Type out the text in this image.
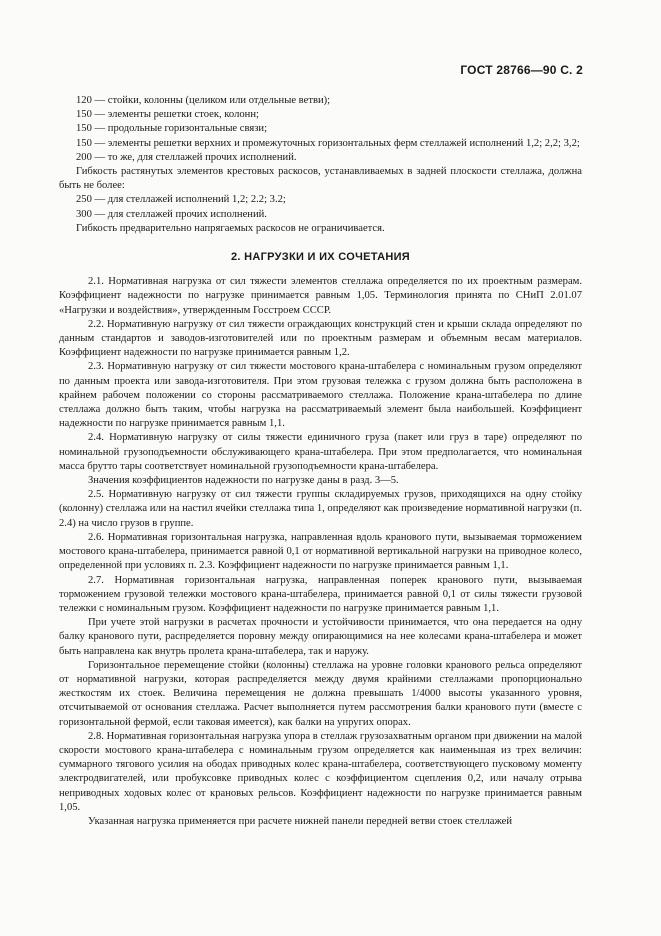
ГОСТ 28766—90 С. 2

120 — стойки, колонны (целиком или отдельные ветви);

150 — элементы решетки стоек, колонн;

150 — продольные горизонтальные связи;

150 — элементы решетки верхних и промежуточных горизонтальных ферм стеллажей исполнений 1,2; 2,2; 3,2;

200 — то же, для стеллажей прочих исполнений.

Гибкость растянутых элементов крестовых раскосов, устанавливаемых в задней плоскости стеллажа, должна быть не более:

250 — для стеллажей исполнений 1,2; 2.2; 3.2;

300 — для стеллажей прочих исполнений.

Гибкость предварительно напрягаемых раскосов не ограничивается.

2. НАГРУЗКИ И ИХ СОЧЕТАНИЯ

2.1. Нормативная нагрузка от сил тяжести элементов стеллажа определяется по их проектным размерам. Коэффициент надежности по нагрузке принимается равным 1,05. Терминология принята по СНиП 2.01.07 «Нагрузки и воздействия», утвержденным Госстроем СССР.

2.2. Нормативную нагрузку от сил тяжести ограждающих конструкций стен и крыши склада определяют по данным стандартов и заводов-изготовителей или по проектным размерам и объемным весам материалов. Коэффициент надежности по нагрузке принимается равным 1,2.

2.3. Нормативную нагрузку от сил тяжести мостового крана-штабелера с номинальным грузом определяют по данным проекта или завода-изготовителя. При этом грузовая тележка с грузом должна быть расположена в крайнем рабочем положении со стороны рассматриваемого стеллажа. Положение крана-штабелера по длине стеллажа должно быть таким, чтобы нагрузка на рассматриваемый элемент была наибольшей. Коэффициент надежности по нагрузке принимается равным 1,1.

2.4. Нормативную нагрузку от силы тяжести единичного груза (пакет или груз в таре) определяют по номинальной грузоподъемности обслуживающего крана-штабелера. При этом предполагается, что номинальная масса брутто тары соответствует номинальной грузоподъемности крана-штабелера.

Значения коэффициентов надежности по нагрузке даны в разд. 3—5.

2.5. Нормативную нагрузку от сил тяжести группы складируемых грузов, приходящихся на одну стойку (колонну) стеллажа или на настил ячейки стеллажа типа 1, определяют как произведение нормативной нагрузки (п. 2.4) на число грузов в группе.

2.6. Нормативная горизонтальная нагрузка, направленная вдоль кранового пути, вызываемая торможением мостового крана-штабелера, принимается равной 0,1 от нормативной вертикальной нагрузки на приводное колесо, определенной при условиях п. 2.3. Коэффициент надежности по нагрузке принимается равным 1,1.

2.7. Нормативная горизонтальная нагрузка, направленная поперек кранового пути, вызываемая торможением грузовой тележки мостового крана-штабелера, принимается равной 0,1 от силы тяжести грузовой тележки с номинальным грузом. Коэффициент надежности по нагрузке принимается равным 1,1.

При учете этой нагрузки в расчетах прочности и устойчивости принимается, что она передается на одну балку кранового пути, распределяется поровну между опирающимися на нее колесами крана-штабелера и может быть направлена как внутрь пролета крана-штабелера, так и наружу.

Горизонтальное перемещение стойки (колонны) стеллажа на уровне головки кранового рельса определяют от нормативной нагрузки, которая распределяется между двумя крайними стеллажами пропорционально жесткостям их стоек. Величина перемещения не должна превышать 1/4000 высоты указанного уровня, отсчитываемой от основания стеллажа. Расчет выполняется путем рассмотрения балки кранового пути (вместе с горизонтальной фермой, если таковая имеется), как балки на упругих опорах.

2.8. Нормативная горизонтальная нагрузка упора в стеллаж грузозахватным органом при движении на малой скорости мостового крана-штабелера с номинальным грузом определяется как наименьшая из трех величин: суммарного тягового усилия на ободах приводных колес крана-штабелера, соответствующего пусковому моменту электродвигателей, или пробуксовке приводных колес с коэффициентом сцепления 0,2, или началу отрыва неприводных ходовых колес от крановых рельсов. Коэффициент надежности по нагрузке принимается равным 1,05.

Указанная нагрузка применяется при расчете нижней панели передней ветви стоек стеллажей
